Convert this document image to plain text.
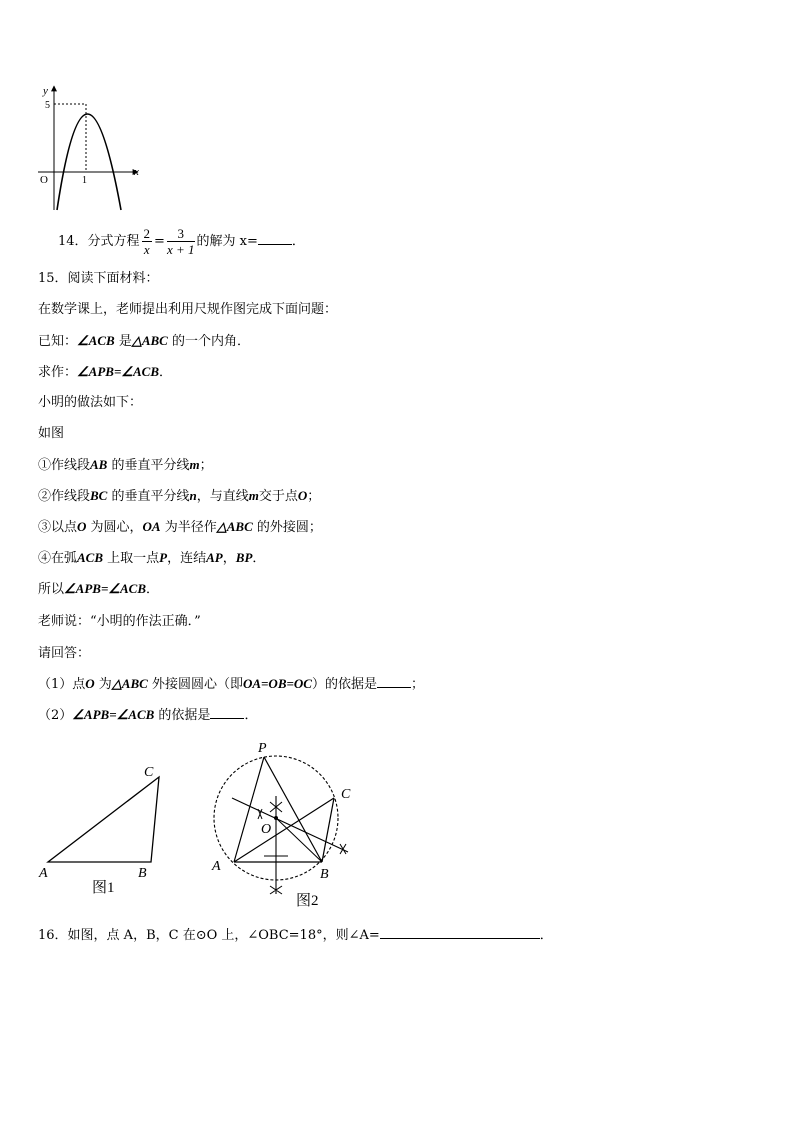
y
x
O	1
5
14．分式方程 $\frac{2}{x} = \frac{3}{x + 1}$ 的解为 x=	．
15．阅读下面材料：
在数学课上，老师提出利用尺规作图完成下面问题：
已知：∠ACB 是△ABC 的一个内角．
求作：∠APB=∠ACB．
小明的做法如下：
如图
①作线段AB 的垂直平分线m；
②作线段BC 的垂直平分线n，与直线m交于点O；
③以点O 为圆心，OA 为半径作△ABC 的外接圆；
④在弧ACB 上取一点P，连结AP，BP．
所以∠APB=∠ACB．
老师说：“小明的作法正确．”
请回答：
（1）点O 为△ABC 外接圆圆心（即OA=OB=OC）的依据是	；
（2）∠APB=∠ACB 的依据是	．
A	B
C
图1
P
A
B
C
O
图2
16．如图，点 A，B，C 在⊙O 上，∠OBC=18°，则∠A=	．
